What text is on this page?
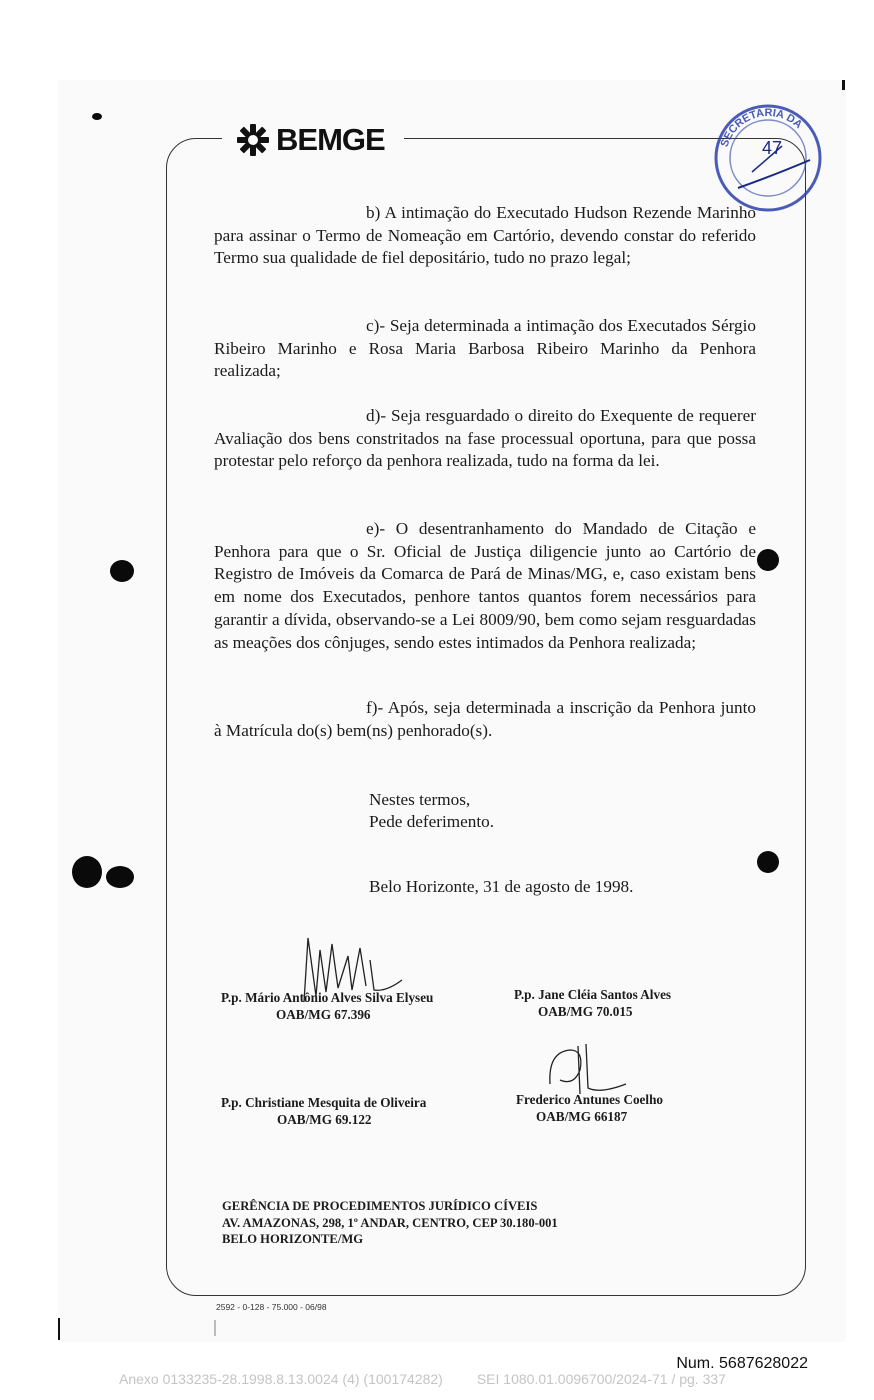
BEMGE	SECRETARIA DA
47

b) A intimação do Executado Hudson Rezende Marinho para assinar o Termo de Nomeação em Cartório, devendo constar do referido Termo sua qualidade de fiel depositário, tudo no prazo legal;

c)- Seja determinada a intimação dos Executados Sérgio Ribeiro Marinho e Rosa Maria Barbosa Ribeiro Marinho da Penhora realizada;

d)- Seja resguardado o direito do Exequente de requerer Avaliação dos bens constritados na fase processual oportuna, para que possa protestar pelo reforço da penhora realizada, tudo na forma da lei.

e)- O desentranhamento do Mandado de Citação e Penhora para que o Sr. Oficial de Justiça diligencie junto ao Cartório de Registro de Imóveis da Comarca de Pará de Minas/MG, e, caso existam bens em nome dos Executados, penhore tantos quantos forem necessários para garantir a dívida, observando-se a Lei 8009/90, bem como sejam resguardadas as meações dos cônjuges, sendo estes intimados da Penhora realizada;

f)- Após, seja determinada a inscrição da Penhora junto à Matrícula do(s) bem(ns) penhorado(s).

Nestes termos,
Pede deferimento.
Belo Horizonte, 31 de agosto de 1998.
P.p. Mário Antônio Alves Silva Elyseu
OAB/MG 67.396
P.p. Jane Cléia Santos Alves
OAB/MG 70.015
P.p. Christiane Mesquita de Oliveira
OAB/MG 69.122
Frederico Antunes Coelho
OAB/MG 66187
GERÊNCIA DE PROCEDIMENTOS JURÍDICO CÍVEIS
AV. AMAZONAS, 298, 1º ANDAR, CENTRO, CEP 30.180-001
BELO HORIZONTE/MG
2592 - 0-128 - 75.000 - 06/98
Num. 5687628022
Anexo 0133235-28.1998.8.13.0024 (4) (100174282) SEI 1080.01.0096700/2024-71 / pg. 337
